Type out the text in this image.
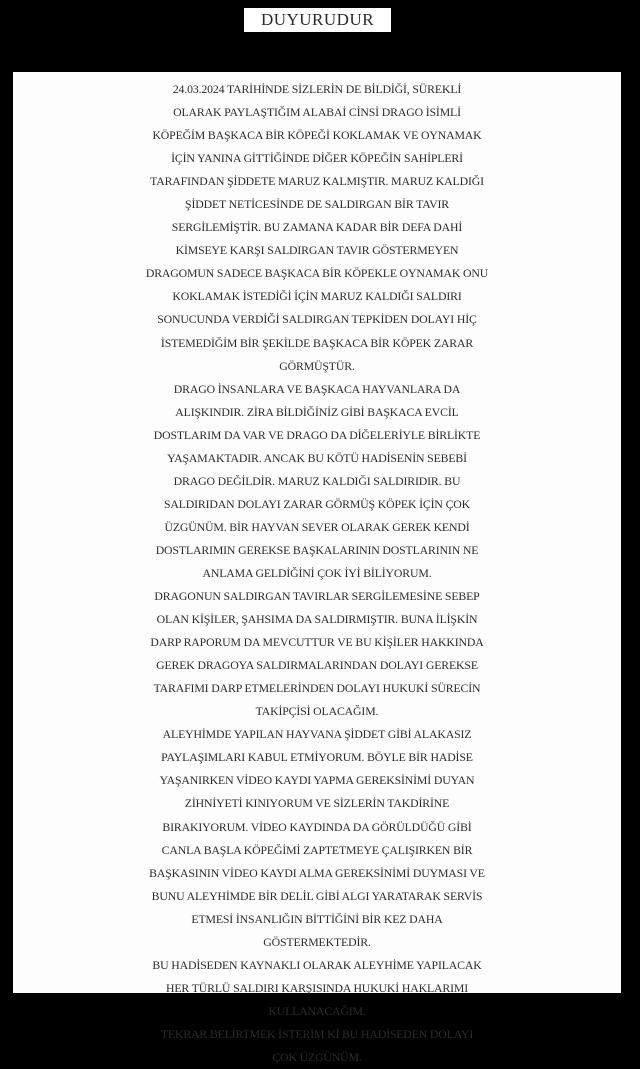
DUYURUDUR
24.03.2024 TARİHİNDE SİZLERİN DE BİLDİĞİ, SÜREKLİ
OLARAK PAYLAŞTIĞIM ALABAİ CİNSİ DRAGO İSİMLİ
KÖPEĞİM BAŞKACA BİR KÖPEĞİ KOKLAMAK VE OYNAMAK
İÇİN YANINA GİTTİĞİNDE DİĞER KÖPEĞİN SAHİPLERİ
TARAFINDAN ŞİDDETE MARUZ KALMIŞTIR. MARUZ KALDIĞI
ŞİDDET NETİCESİNDE DE SALDIRGAN BİR TAVIR
SERGİLEMİŞTİR. BU ZAMANA KADAR BİR DEFA DAHİ
KİMSEYE KARŞI SALDIRGAN TAVIR GÖSTERMEYEN
DRAGOMUN SADECE BAŞKACA BİR KÖPEKLE OYNAMAK ONU
KOKLAMAK İSTEDİĞİ İÇİN MARUZ KALDIĞI SALDIRI
SONUCUNDA VERDİĞİ SALDIRGAN TEPKİDEN DOLAYI HİÇ
İSTEMEDİĞİM BİR ŞEKİLDE BAŞKACA BİR KÖPEK ZARAR
GÖRMÜŞTÜR.
DRAGO İNSANLARA VE BAŞKACA HAYVANLARA DA
ALIŞKINDIR. ZİRA BİLDİĞİNİZ GİBİ BAŞKACA EVCİL
DOSTLARIM DA VAR VE DRAGO DA DİĞELERİYLE BİRLİKTE
YAŞAMAKTADIR. ANCAK BU KÖTÜ HADİSENİN SEBEBİ
DRAGO DEĞİLDİR. MARUZ KALDIĞI SALDIRIDIR. BU
SALDIRIDAN DOLAYI ZARAR GÖRMÜŞ KÖPEK İÇİN ÇOK
ÜZGÜNÜM. BİR HAYVAN SEVER OLARAK GEREK KENDİ
DOSTLARIMIN GEREKSE BAŞKALARININ DOSTLARININ NE
ANLAMA GELDİĞİNİ ÇOK İYİ BİLİYORUM.
DRAGONUN SALDIRGAN TAVIRLAR SERGİLEMESİNE SEBEP
OLAN KİŞİLER, ŞAHSIMA DA SALDIRMIŞTIR. BUNA İLİŞKİN
DARP RAPORUM DA MEVCUTTUR VE BU KİŞİLER HAKKINDA
GEREK DRAGOYA SALDIRMALARINDAN DOLAYI GEREKSE
TARAFIMI DARP ETMELERİNDEN DOLAYI HUKUKİ SÜRECİN
TAKİPÇİSİ OLACAĞIM.
ALEYHİMDE YAPILAN HAYVANA ŞİDDET GİBİ ALAKASIZ
PAYLAŞIMLARI KABUL ETMİYORUM. BÖYLE BİR HADİSE
YAŞANIRKEN VİDEO KAYDI YAPMA GEREKSİNİMİ DUYAN
ZİHNİYETİ KINIYORUM VE SİZLERİN TAKDİRİNE
BIRAKIYORUM. VİDEO KAYDINDA DA GÖRÜLDÜĞÜ GİBİ
CANLA BAŞLA KÖPEĞİMİ ZAPTETMEYE ÇALIŞIRKEN BİR
BAŞKASININ VİDEO KAYDI ALMA GEREKSİNİMİ DUYMASI VE
BUNU ALEYHİMDE BİR DELİL GİBİ ALGI YARATARAK SERVİS
ETMESİ İNSANLIĞIN BİTTİĞİNİ BİR KEZ DAHA
GÖSTERMEKTEDİR.
BU HADİSEDEN KAYNAKLI OLARAK ALEYHİME YAPILACAK
HER TÜRLÜ SALDIRI KARŞISINDA HUKUKİ HAKLARIMI
KULLANACAĞIM.
TEKRAR BELİRTMEK İSTERİM Kİ BU HADİSEDEN DOLAYI
ÇOK ÜZGÜNÜM.
